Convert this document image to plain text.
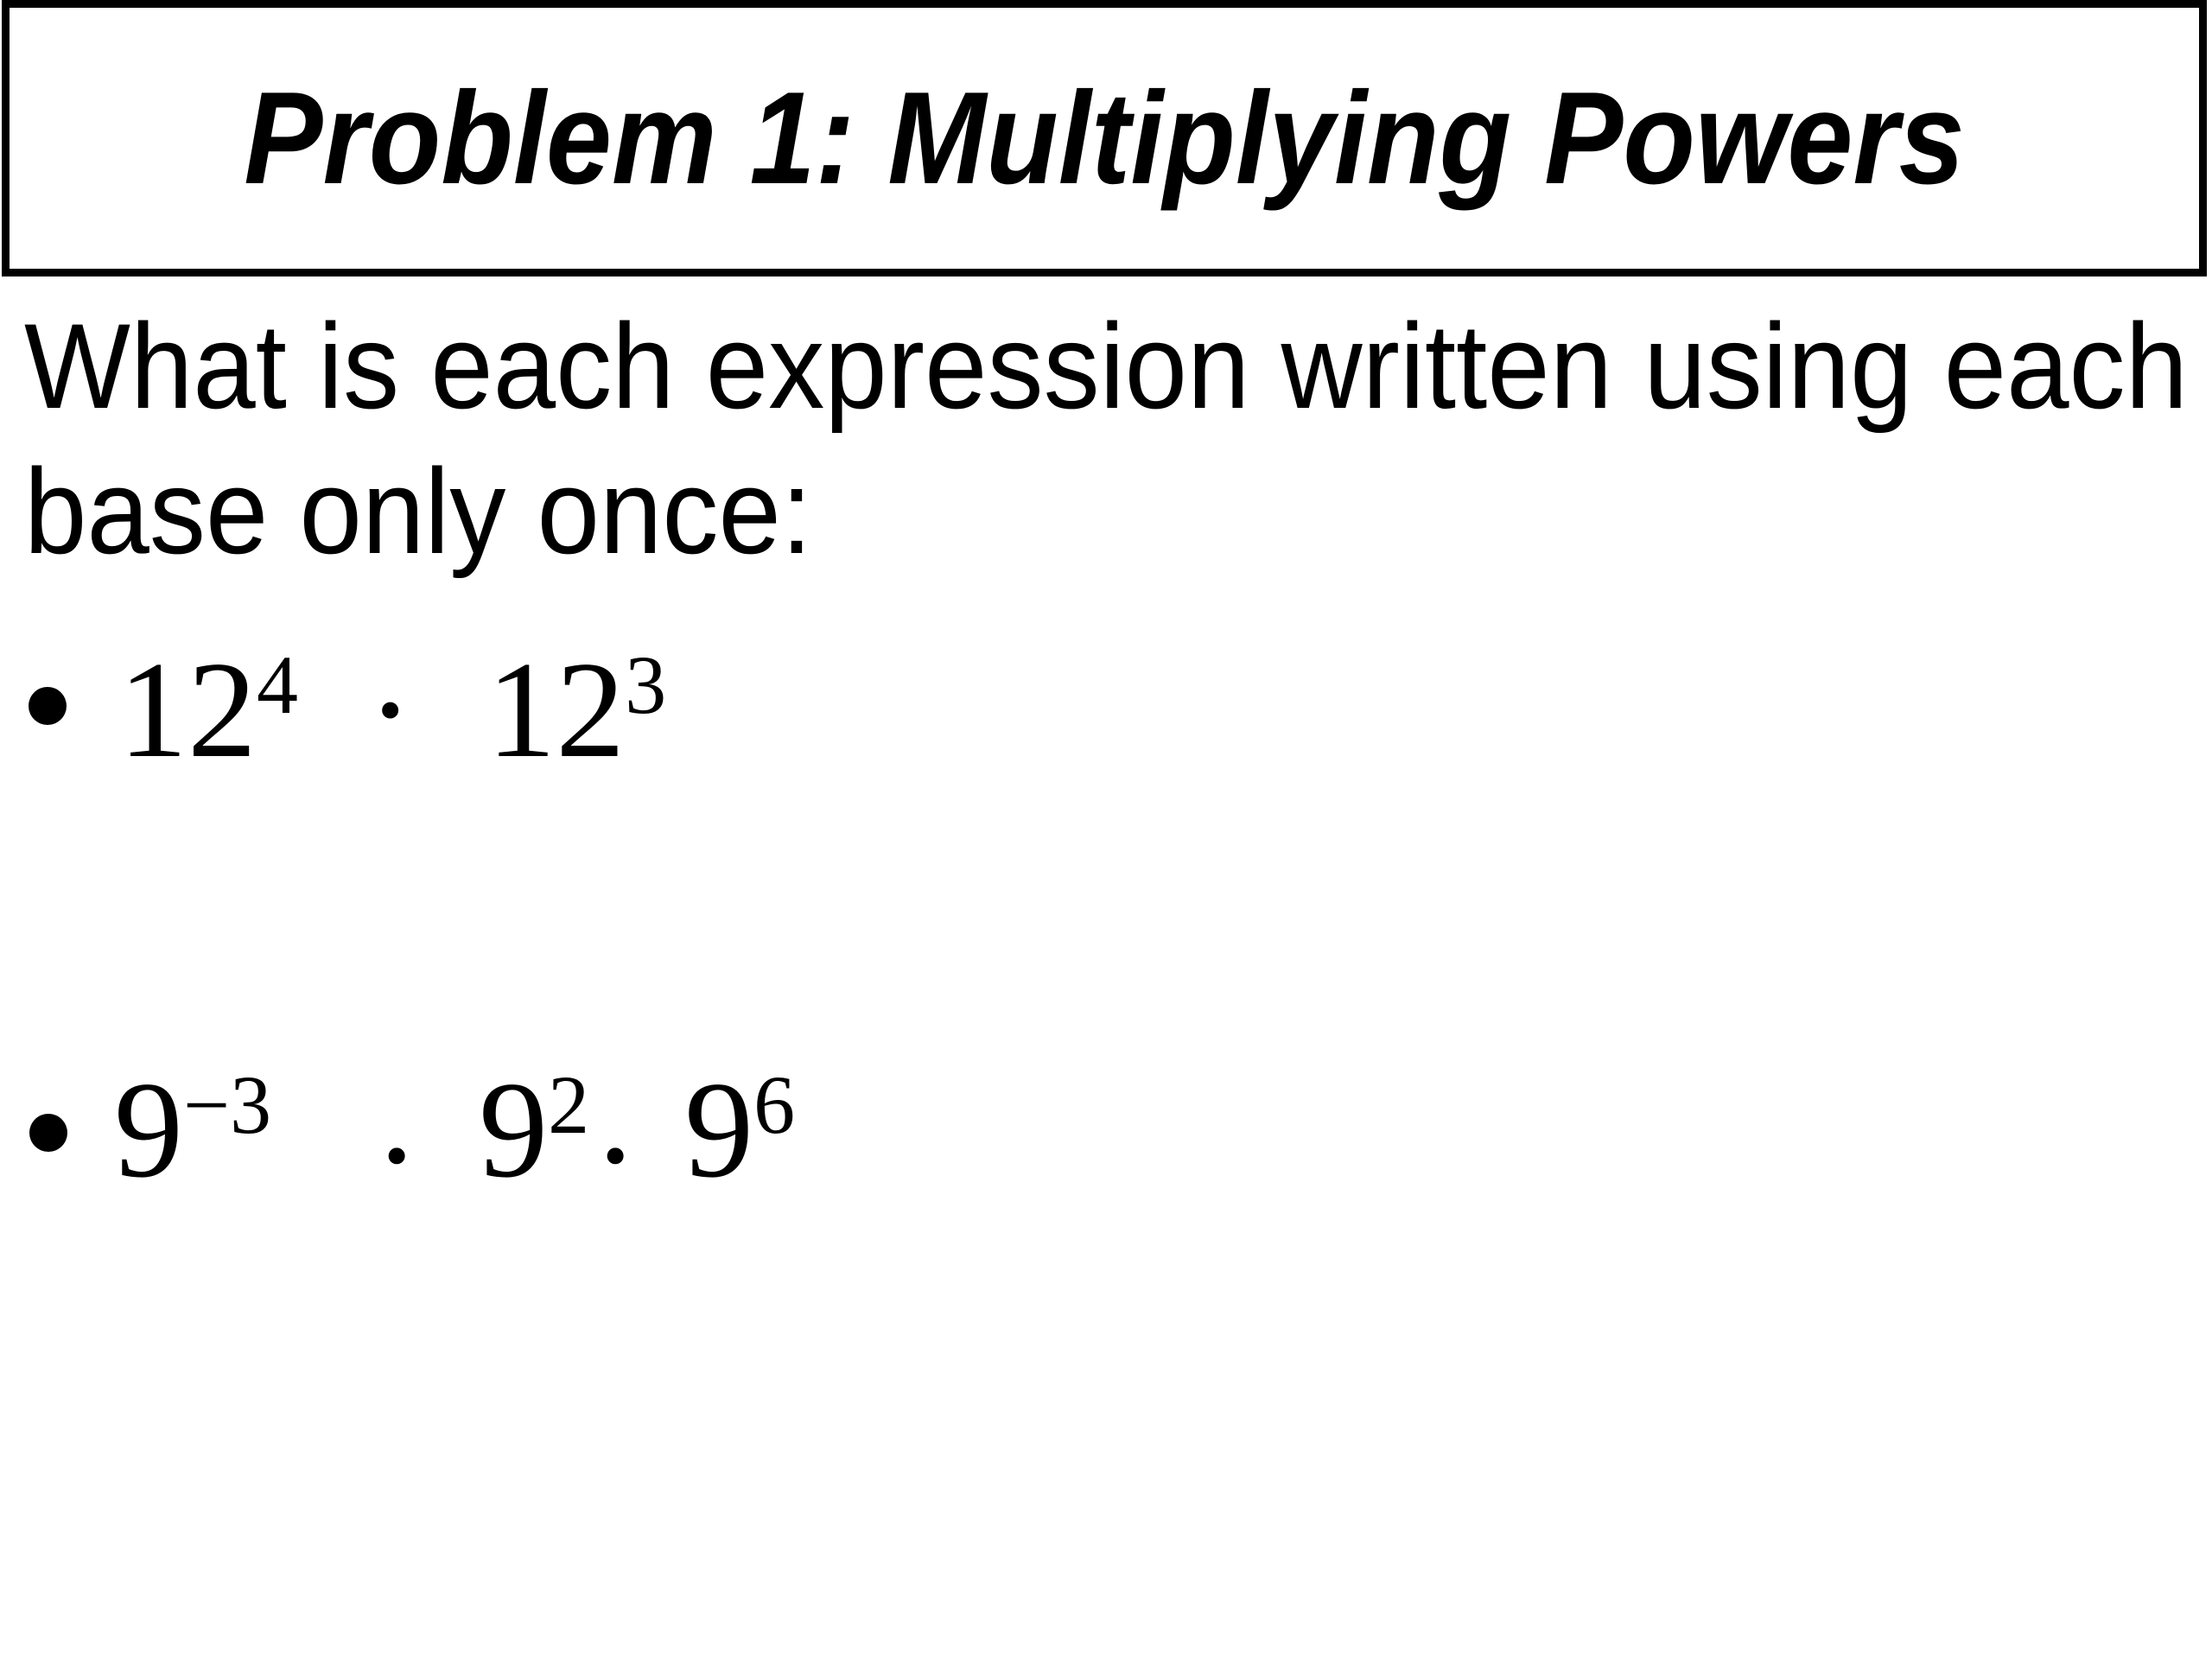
Problem 1: Multiplying Powers
What is each expression written using each
base only once:
$12^4 \cdot 12^3$
$9^{-3}$ . $9^2$. $9^6$
